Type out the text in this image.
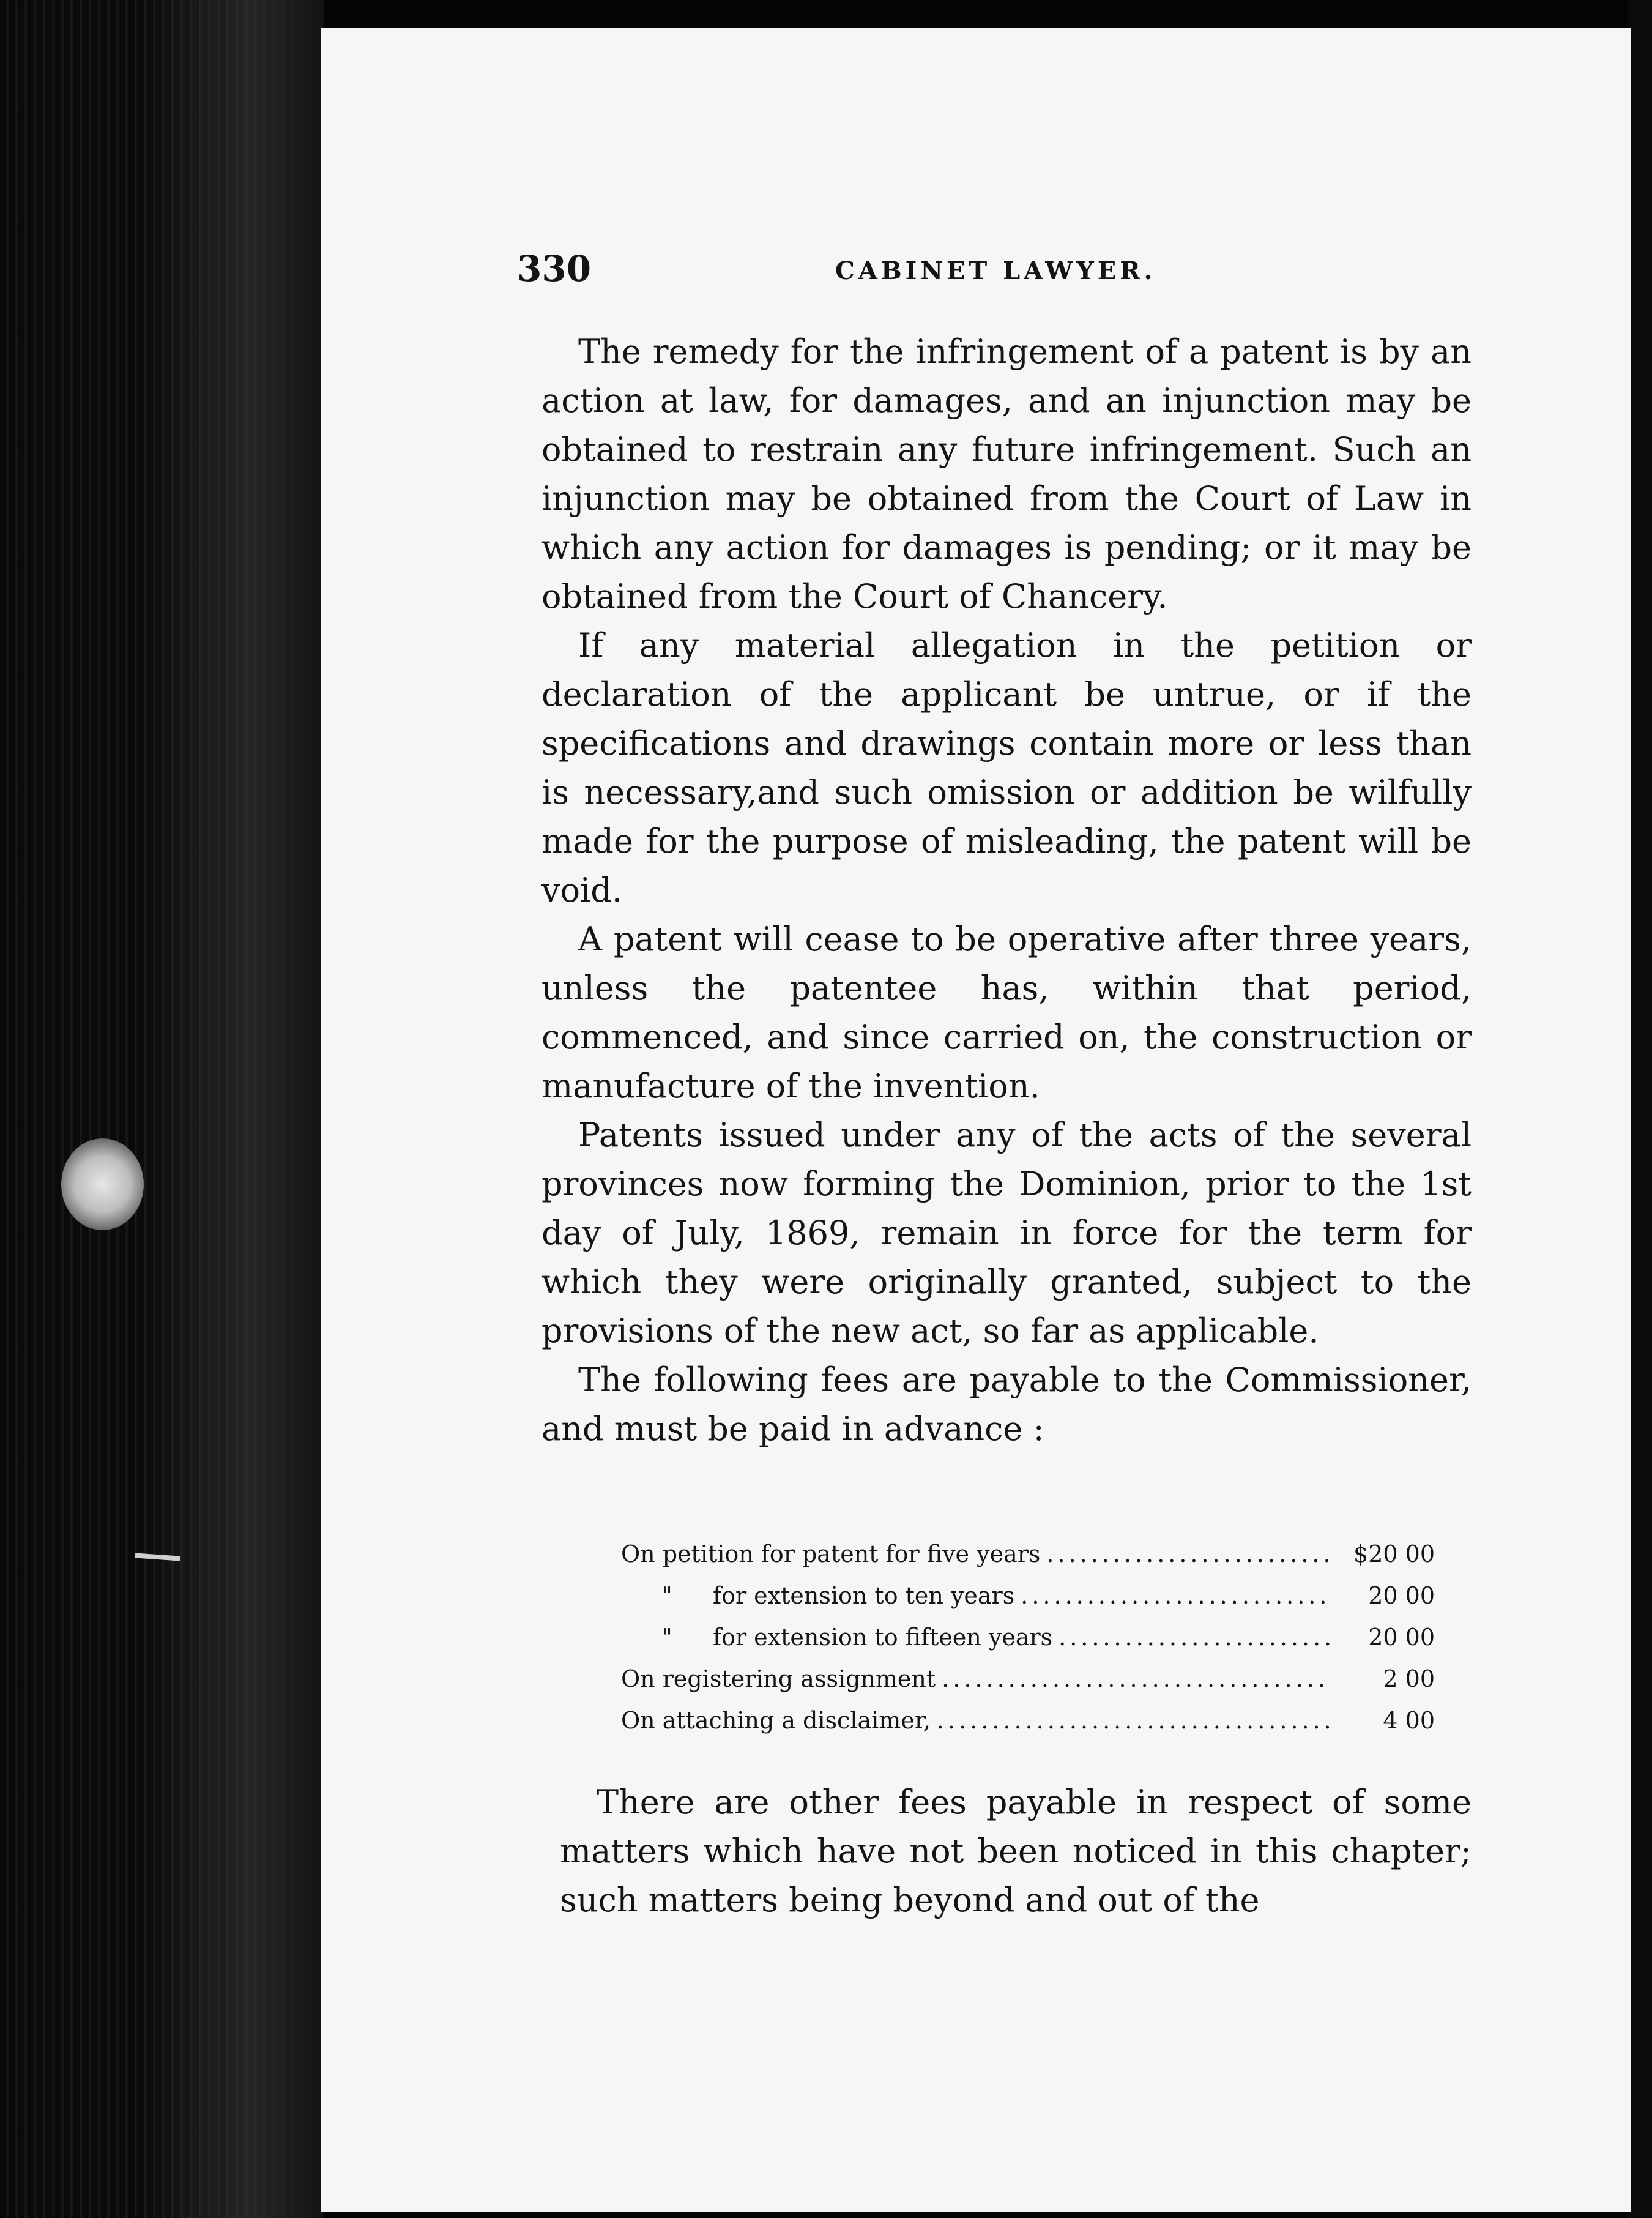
330	CABINET LAWYER.

The remedy for the infringement of a patent is by an action at law, for damages, and an injunction may be obtained to restrain any future infringement. Such an injunction may be obtained from the Court of Law in which any action for damages is pending; or it may be obtained from the Court of Chancery.

If any material allegation in the petition or declaration of the applicant be untrue, or if the specifications and drawings contain more or less than is necessary,and such omission or addition be wilfully made for the purpose of misleading, the patent will be void.

A patent will cease to be operative after three years, unless the patentee has, within that period, commenced, and since carried on, the construction or manufacture of the invention.

Patents issued under any of the acts of the several provinces now forming the Dominion, prior to the 1st day of July, 1869, remain in force for the term for which they were originally granted, subject to the provisions of the new act, so far as applicable.

The following fees are payable to the Commissioner, and must be paid in advance :

On petition for patent for five years .....	$20 00
"	for extension to ten years .....	20 00
"	for extension to fifteen years .....	20 00
On registering assignment .....	2 00
On attaching a disclaimer, .....	4 00

There are other fees payable in respect of some matters which have not been noticed in this chapter; such matters being beyond and out of the
